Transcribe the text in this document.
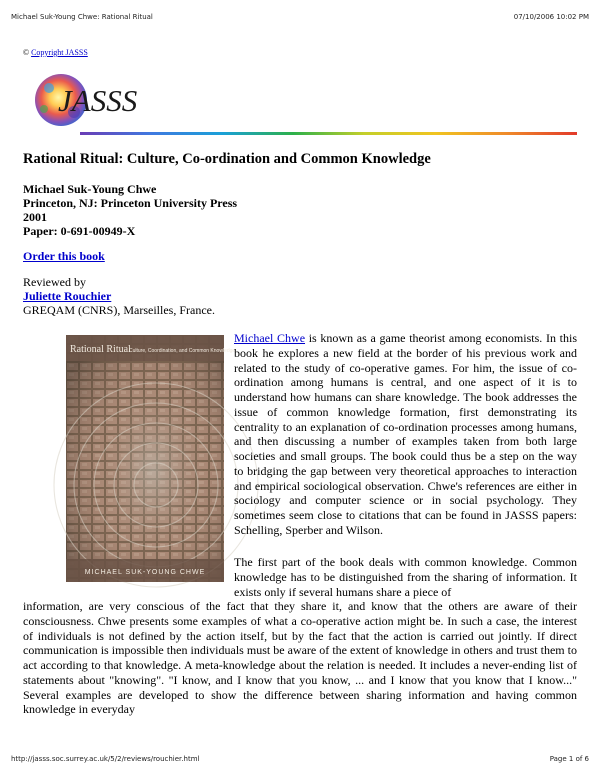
Michael Suk-Young Chwe: Rational Ritual	07/10/2006 10:02 PM
© Copyright JASSS
JASSS
Rational Ritual: Culture, Co-ordination and Common Knowledge
Michael Suk-Young Chwe
Princeton, NJ: Princeton University Press
2001
Paper: 0-691-00949-X
Order this book
Reviewed by
Juliette Rouchier
GREQAM (CNRS), Marseilles, France.
Rational Ritual
Culture, Coordination, and Common Knowledge
MICHAEL SUK-YOUNG CHWE

Michael Chwe is known as a game theorist among economists. In this book he explores a new field at the border of his previous work and related to the study of co-operative games. For him, the issue of co-ordination among humans is central, and one aspect of it is to understand how humans can share knowledge. The book addresses the issue of common knowledge formation, first demonstrating its centrality to an explanation of co-ordination processes among humans, and then discussing a number of examples taken from both large societies and small groups. The book could thus be a step on the way to bridging the gap between very theoretical approaches to interaction and empirical sociological observation. Chwe's references are either in sociology and computer science or in social psychology. They sometimes seem close to citations that can be found in JASSS papers: Schelling, Sperber and Wilson.

The first part of the book deals with common knowledge. Common knowledge has to be distinguished from the sharing of information. It exists only if several humans share a piece of

information, are very conscious of the fact that they share it, and know that the others are aware of their consciousness. Chwe presents some examples of what a co-operative action might be. In such a case, the interest of individuals is not defined by the action itself, but by the fact that the action is carried out jointly. If direct communication is impossible then individuals must be aware of the extent of knowledge in others and trust them to act according to that knowledge. A meta-knowledge about the relation is needed. It includes a never-ending list of statements about "knowing". "I know, and I know that you know, ... and I know that you know that I know..." Several examples are developed to show the difference between sharing information and having common knowledge in everyday

http://jasss.soc.surrey.ac.uk/5/2/reviews/rouchier.html	Page 1 of 6
